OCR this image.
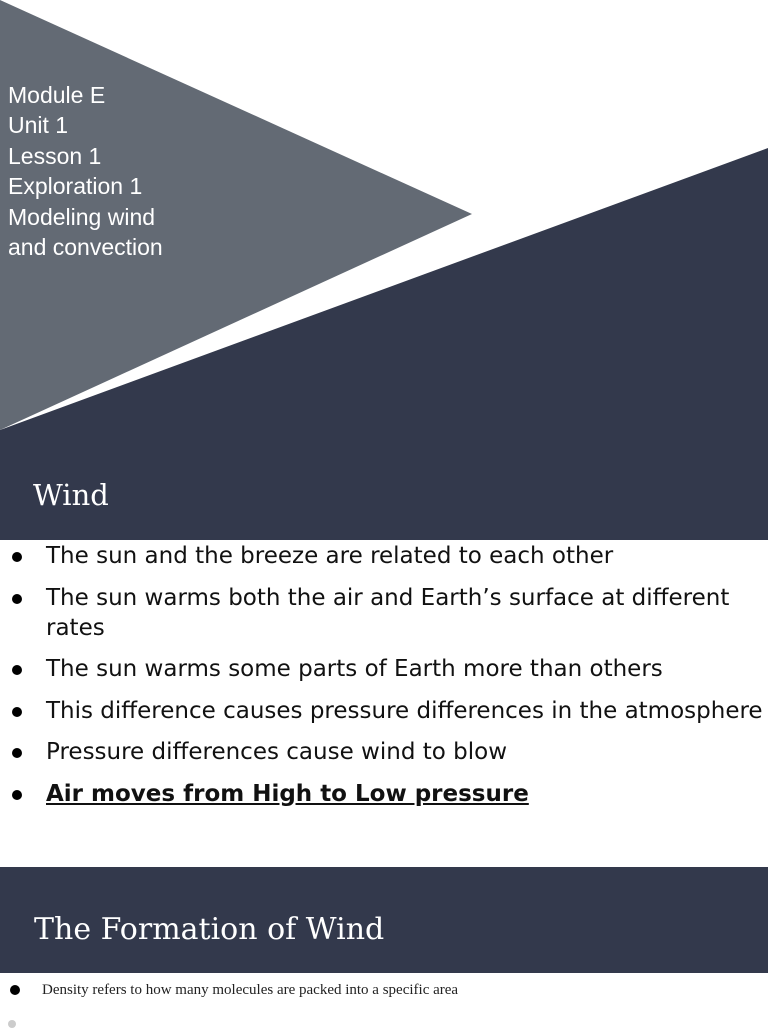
Module E
Unit 1
Lesson 1
Exploration 1
Modeling wind
and convection
Wind
The sun and the breeze are related to each other
The sun warms both the air and Earth’s surface at different rates
The sun warms some parts of Earth more than others
This difference causes pressure differences in the atmosphere
Pressure differences cause wind to blow
Air moves from High to Low pressure
The Formation of Wind
Density refers to how many molecules are packed into a specific area
